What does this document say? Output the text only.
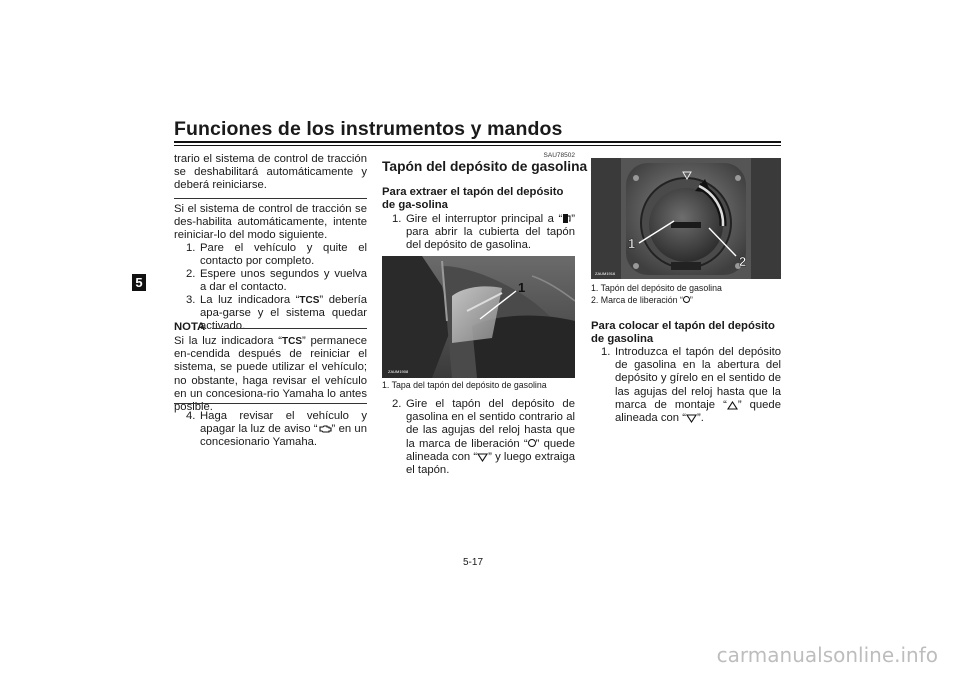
Funciones de los instrumentos y mandos
5
trario el sistema de control de tracción se deshabilitará automáticamente y deberá reiniciarse.
Si el sistema de control de tracción se des-habilita automáticamente, intente reiniciar-lo del modo siguiente.
1. Pare el vehículo y quite el contacto por completo.
2. Espere unos segundos y vuelva a dar el contacto.
3. La luz indicadora “TCS” debería apa-garse y el sistema quedar activado.
NOTA
Si la luz indicadora “TCS” permanece en-cendida después de reiniciar el sistema, se puede utilizar el vehículo; no obstante, haga revisar el vehículo en un concesiona-rio Yamaha lo antes posible.
4. Haga revisar el vehículo y apagar la luz de aviso “ ” en un concesionario Yamaha.
SAU78502
Tapón del depósito de gasolina
Para extraer el tapón del depósito de ga-solina
1. Gire el interruptor principal a “ ” para abrir la cubierta del tapón del depósito de gasolina.
ZAUM1908
1
1. Tapa del tapón del depósito de gasolina
2. Gire el tapón del depósito de gasolina en el sentido contrario al de las agujas del reloj hasta que la marca de liberación “ ” quede alineada con “ ” y luego extraiga el tapón.
ZAUM1916
1
2
1. Tapón del depósito de gasolina
2. Marca de liberación “ ”
Para colocar el tapón del depósito de gasolina
1. Introduzca el tapón del depósito de gasolina en la abertura del depósito y gírelo en el sentido de las agujas del reloj hasta que la marca de montaje “ ” quede alineada con “ ”.
5-17
carmanualsonline.info
